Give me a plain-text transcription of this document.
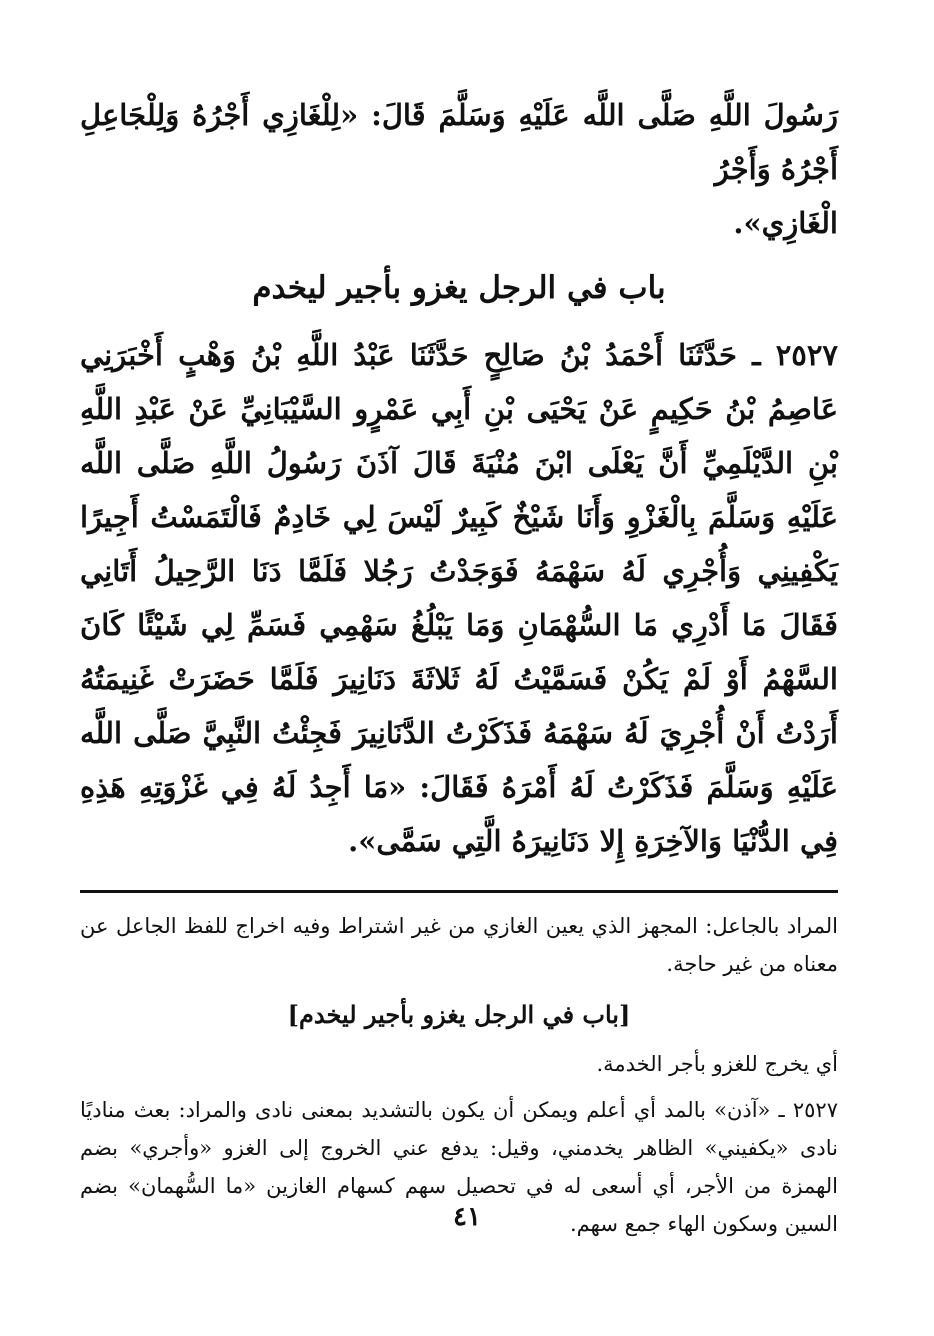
رَسُولَ اللَّهِ صَلَّى اللَّه عَلَيْهِ وَسَلَّمَ قَالَ: «لِلْغَازِي أَجْرُهُ وَلِلْجَاعِلِ أَجْرُهُ وَأَجْرُ

الْغَازِي».

باب في الرجل يغزو بأجير ليخدم

٢٥٢٧ ـ حَدَّثَنَا أَحْمَدُ بْنُ صَالِحٍ حَدَّثَنَا عَبْدُ اللَّهِ بْنُ وَهْبٍ أَخْبَرَنِي عَاصِمُ بْنُ حَكِيمٍ عَنْ يَحْيَى بْنِ أَبِي عَمْرٍو السَّيْبَانِيِّ عَنْ عَبْدِ اللَّهِ بْنِ الدَّيْلَمِيِّ أَنَّ يَعْلَى ابْنَ مُنْيَةَ قَالَ آذَنَ رَسُولُ اللَّهِ صَلَّى اللَّه عَلَيْهِ وَسَلَّمَ بِالْغَزْوِ وَأَنَا شَيْخٌ كَبِيرٌ لَيْسَ لِي خَادِمٌ فَالْتَمَسْتُ أَجِيرًا يَكْفِينِي وَأُجْرِي لَهُ سَهْمَهُ فَوَجَدْتُ رَجُلا فَلَمَّا دَنَا الرَّحِيلُ أَتَانِي فَقَالَ مَا أَدْرِي مَا السُّهْمَانِ وَمَا يَبْلُغُ سَهْمِي فَسَمِّ لِي شَيْئًا كَانَ السَّهْمُ أَوْ لَمْ يَكُنْ فَسَمَّيْتُ لَهُ ثَلاثَةَ دَنَانِيرَ فَلَمَّا حَضَرَتْ غَنِيمَتُهُ أَرَدْتُ أَنْ أُجْرِيَ لَهُ سَهْمَهُ فَذَكَرْتُ الدَّنَانِيرَ فَجِئْتُ النَّبِيَّ صَلَّى اللَّه عَلَيْهِ وَسَلَّمَ فَذَكَرْتُ لَهُ أَمْرَهُ فَقَالَ: «مَا أَجِدُ لَهُ فِي غَزْوَتِهِ هَذِهِ فِي الدُّنْيَا وَالآخِرَةِ إِلا دَنَانِيرَهُ الَّتِي سَمَّى».

المراد بالجاعل: المجهز الذي يعين الغازي من غير اشتراط وفيه اخراج للفظ الجاعل عن معناه من غير حاجة.

[باب في الرجل يغزو بأجير ليخدم]

أي يخرج للغزو بأجر الخدمة.

٢٥٢٧ ـ «آذن» بالمد أي أعلم ويمكن أن يكون بالتشديد بمعنى نادى والمراد: بعث مناديًا نادى «يكفيني» الظاهر يخدمني، وقيل: يدفع عني الخروج إلى الغزو «وأجري» بضم الهمزة من الأجر، أي أسعى له في تحصيل سهم كسهام الغازين «ما السُّهمان» بضم السين وسكون الهاء جمع سهم.

٤١
